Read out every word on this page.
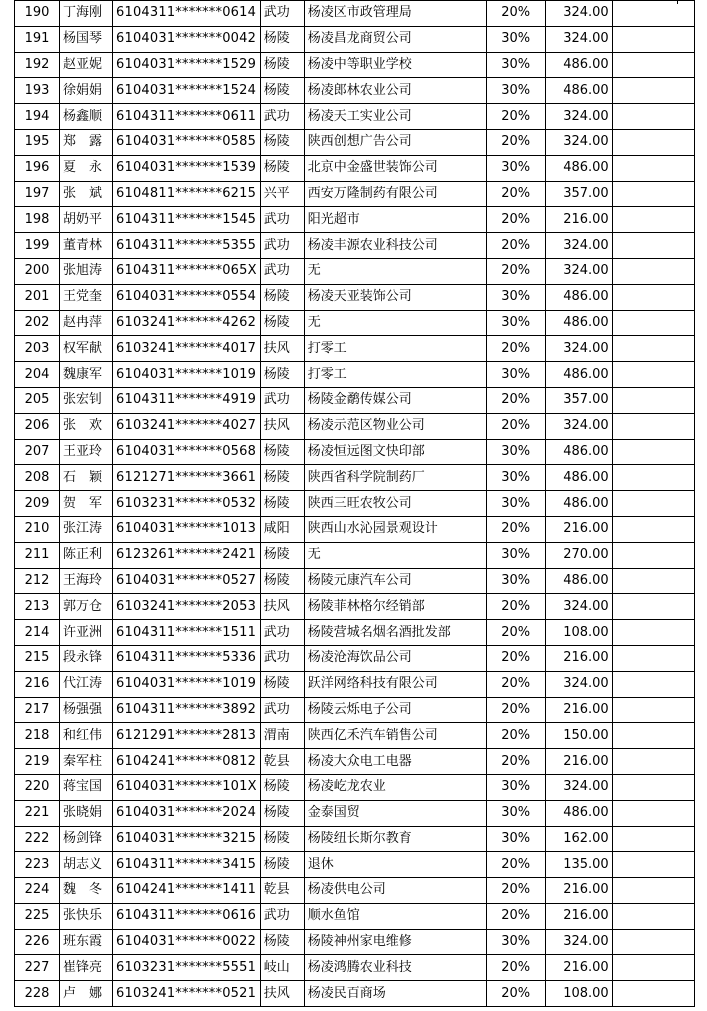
190	丁海刚	6104311*******0614	武功	杨凌区市政管理局	20%	324.00	
191	杨国琴	6104031*******0042	杨陵	杨凌昌龙商贸公司	30%	324.00	
192	赵亚妮	6104031*******1529	杨陵	杨凌中等职业学校	30%	486.00	
193	徐娟娟	6104031*******1524	杨陵	杨凌郎林农业公司	30%	486.00	
194	杨鑫顺	6104311*******0611	武功	杨凌天工实业公司	20%	324.00	
195	郑　露	6104031*******0585	杨陵	陕西创想广告公司	20%	324.00	
196	夏　永	6104031*******1539	杨陵	北京中金盛世装饰公司	30%	486.00	
197	张　斌	6104811*******6215	兴平	西安万隆制药有限公司	20%	357.00	
198	胡奶平	6104311*******1545	武功	阳光超市	20%	216.00	
199	董青林	6104311*******5355	武功	杨凌丰源农业科技公司	20%	324.00	
200	张旭涛	6104311*******065X	武功	无	20%	324.00	
201	王党奎	6104031*******0554	杨陵	杨凌天亚装饰公司	30%	486.00	
202	赵冉萍	6103241*******4262	杨陵	无	30%	486.00	
203	权军献	6103241*******4017	扶风	打零工	20%	324.00	
204	魏康军	6104031*******1019	杨陵	打零工	30%	486.00	
205	张宏钊	6104311*******4919	武功	杨陵金鹬传媒公司	20%	357.00	
206	张　欢	6103241*******4027	扶风	杨凌示范区物业公司	20%	324.00	
207	王亚玲	6104031*******0568	杨陵	杨凌恒远图文快印部	30%	486.00	
208	石　颖	6121271*******3661	杨陵	陕西省科学院制药厂	30%	486.00	
209	贺　军	6103231*******0532	杨陵	陕西三旺农牧公司	30%	486.00	
210	张江涛	6104031*******1013	咸阳	陕西山水沁园景观设计	20%	216.00	
211	陈正利	6123261*******2421	杨陵	无	30%	270.00	
212	王海玲	6104031*******0527	杨陵	杨陵元康汽车公司	30%	486.00	
213	郭万仓	6103241*******2053	扶风	杨陵菲林格尔经销部	20%	324.00	
214	许亚洲	6104311*******1511	武功	杨陵营城名烟名酒批发部	20%	108.00	
215	段永锋	6104311*******5336	武功	杨凌沧海饮品公司	20%	216.00	
216	代江涛	6104031*******1019	杨陵	跃洋网络科技有限公司	20%	324.00	
217	杨强强	6104311*******3892	武功	杨陵云烁电子公司	20%	216.00	
218	和红伟	6121291*******2813	渭南	陕西亿禾汽车销售公司	20%	150.00	
219	秦军柱	6104241*******0812	乾县	杨凌大众电工电器	20%	216.00	
220	蒋宝国	6104031*******101X	杨陵	杨凌屹龙农业	30%	324.00	
221	张晓娟	6104031*******2024	杨陵	金泰国贸	30%	486.00	
222	杨剑锋	6104031*******3215	杨陵	杨陵纽长斯尔教育	30%	162.00	
223	胡志义	6104311*******3415	杨陵	退休	20%	135.00	
224	魏　冬	6104241*******1411	乾县	杨凌供电公司	20%	216.00	
225	张快乐	6104311*******0616	武功	顺水鱼馆	20%	216.00	
226	班东霞	6104031*******0022	杨陵	杨陵神州家电维修	30%	324.00	
227	崔锋亮	6103231*******5551	岐山	杨凌鸿腾农业科技	20%	216.00	
228	卢　娜	6103241*******0521	扶风	杨凌民百商场	20%	108.00	
